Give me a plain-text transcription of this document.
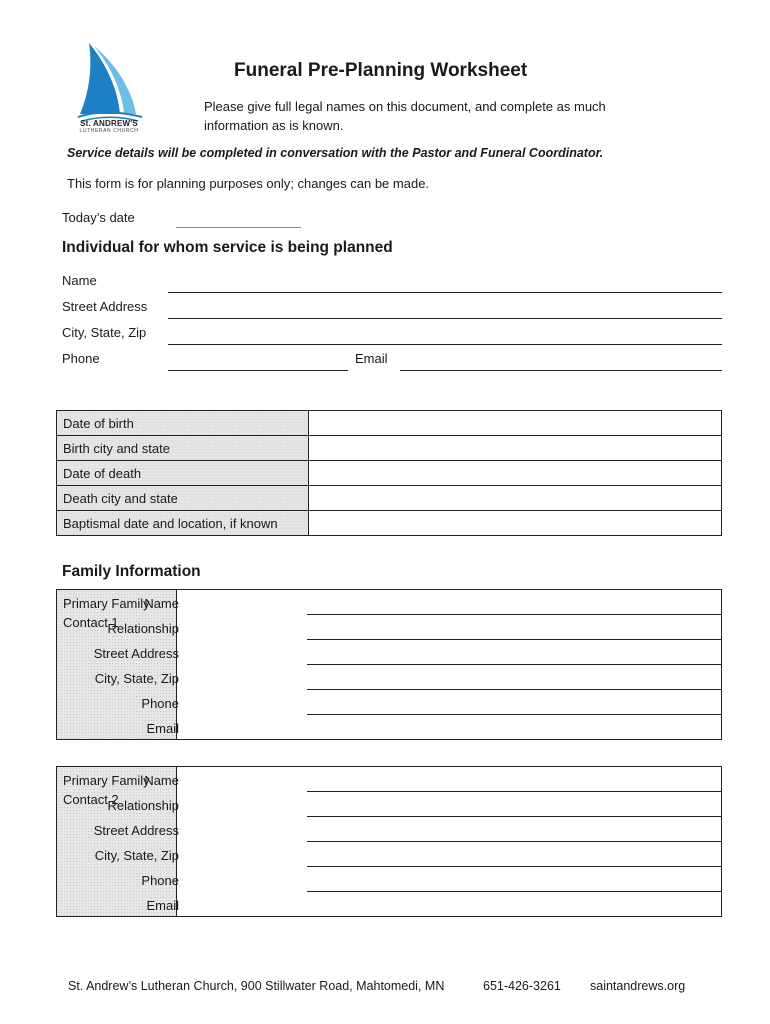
St. ANDREW'S
LUTHERAN CHURCH
Funeral Pre-Planning Worksheet
Please give full legal names on this document, and complete as much information as is known.
Service details will be completed in conversation with the Pastor and Funeral Coordinator.
This form is for planning purposes only; changes can be made.
Today’s date
Individual for whom service is being planned
Name
Street Address
City, State, Zip
Phone	Email
Date of birth	
Birth city and state	
Date of death	
Death city and state	
Baptismal date and location, if known	
Family Information
Primary Family Contact 1
Name
Relationship
Street Address
City, State, Zip
Phone
Email
Primary Family Contact 2
Name
Relationship
Street Address
City, State, Zip
Phone
Email
St. Andrew’s Lutheran Church, 900 Stillwater Road, Mahtomedi, MN	651-426-3261 saintandrews.org
